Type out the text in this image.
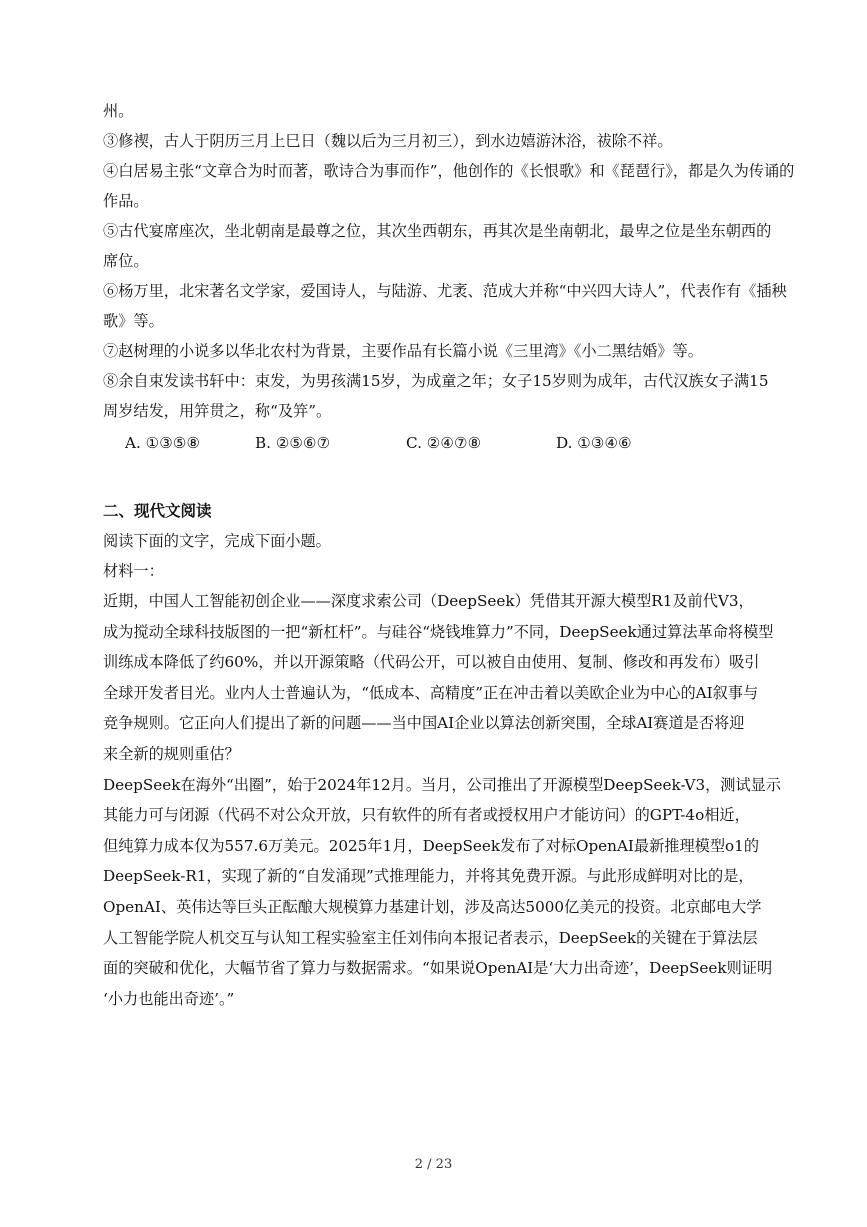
州。
③修禊，古人于阴历三月上巳日（魏以后为三月初三），到水边嬉游沐浴，祓除不祥。
④白居易主张“文章合为时而著，歌诗合为事而作”，他创作的《长恨歌》和《琵琶行》，都是久为传诵的
作品。
⑤古代宴席座次，坐北朝南是最尊之位，其次坐西朝东，再其次是坐南朝北，最卑之位是坐东朝西的
席位。
⑥杨万里，北宋著名文学家，爱国诗人，与陆游、尤袤、范成大并称“中兴四大诗人”，代表作有《插秧
歌》等。
⑦赵树理的小说多以华北农村为背景，主要作品有长篇小说《三里湾》《小二黑结婚》等。
⑧余自束发读书轩中：束发，为男孩满15岁，为成童之年；女子15岁则为成年，古代汉族女子满15
周岁结发，用笄贯之，称“及笄”。
A. ①③⑤⑧	B. ②⑤⑥⑦	C. ②④⑦⑧	D. ①③④⑥
二、现代文阅读
阅读下面的文字，完成下面小题。
材料一：
近期，中国人工智能初创企业——深度求索公司（DeepSeek）凭借其开源大模型R1及前代V3，
成为搅动全球科技版图的一把“新杠杆”。与硅谷“烧钱堆算力”不同，DeepSeek通过算法革命将模型
训练成本降低了约60%，并以开源策略（代码公开，可以被自由使用、复制、修改和再发布）吸引
全球开发者目光。业内人士普遍认为，“低成本、高精度”正在冲击着以美欧企业为中心的AI叙事与
竞争规则。它正向人们提出了新的问题——当中国AI企业以算法创新突围，全球AI赛道是否将迎
来全新的规则重估？
DeepSeek在海外“出圈”，始于2024年12月。当月，公司推出了开源模型DeepSeek-V3，测试显示
其能力可与闭源（代码不对公众开放，只有软件的所有者或授权用户才能访问）的GPT-4o相近，
但纯算力成本仅为557.6万美元。2025年1月，DeepSeek发布了对标OpenAI最新推理模型o1的
DeepSeek-R1，实现了新的“自发涌现”式推理能力，并将其免费开源。与此形成鲜明对比的是，
OpenAI、英伟达等巨头正酝酿大规模算力基建计划，涉及高达5000亿美元的投资。北京邮电大学
人工智能学院人机交互与认知工程实验室主任刘伟向本报记者表示，DeepSeek的关键在于算法层
面的突破和优化，大幅节省了算力与数据需求。“如果说OpenAI是‘大力出奇迹’，DeepSeek则证明
‘小力也能出奇迹’。”
2 / 23
